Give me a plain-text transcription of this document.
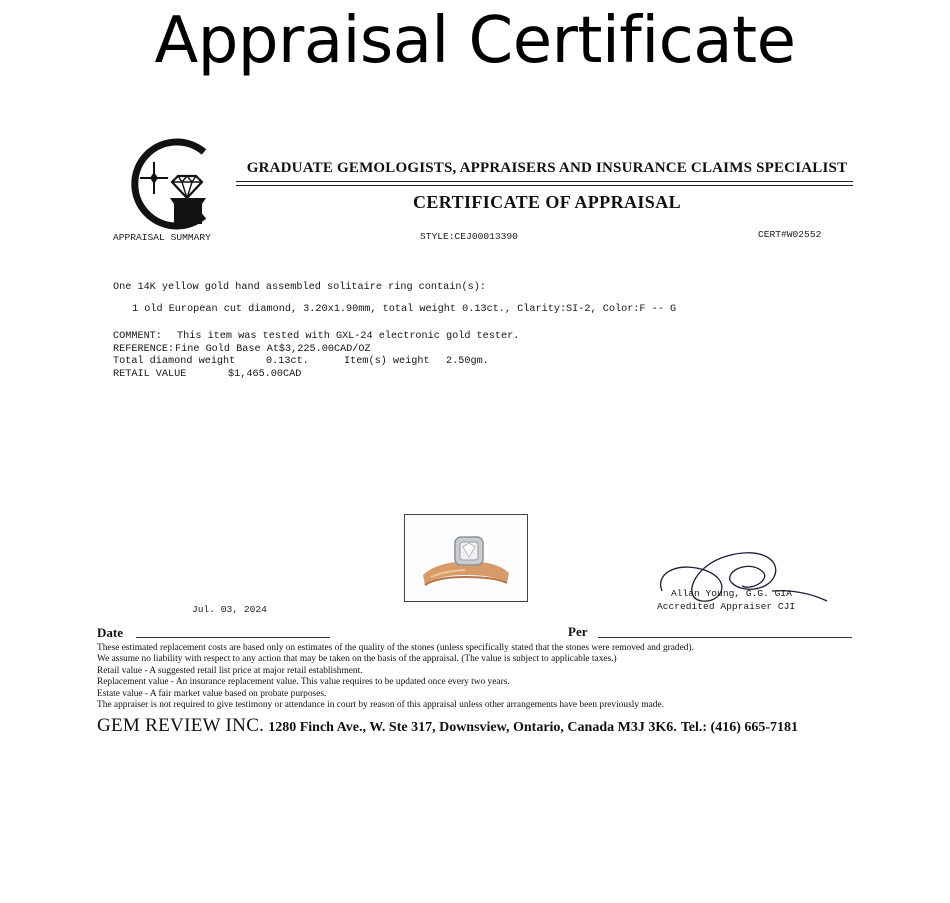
Appraisal Certificate
APPRAISAL SUMMARY
GRADUATE GEMOLOGISTS, APPRAISERS AND INSURANCE CLAIMS SPECIALIST
CERTIFICATE OF APPRAISAL
STYLE:CEJ00013390	CERT#W02552
One 14K yellow gold hand assembled solitaire ring contain(s):
1 old European cut diamond, 3.20x1.90mm, total weight 0.13ct., Clarity:SI-2, Color:F -- G
COMMENT: This item was tested with GXL-24 electronic gold tester.
REFERENCE: Fine Gold Base At$3,225.00CAD/OZ
Total diamond weight	0.13ct.	Item(s) weight 2.50gm.
RETAIL VALUE	$1,465.00CAD
Jul. 03, 2024
Allan Young, G.G. GIA
Accredited Appraiser CJI
Date	Per
These estimated replacement costs are based only on estimates of the quality of the stones (unless specifically stated that the stones were removed and graded).
We assume no liability with respect to any action that may be taken on the basis of the appraisal. (The value is subject to applicable taxes.)
Retail value - A suggested retail list price at major retail establishment.
Replacement value - An insurance replacement value. This value requires to be updated once every two years.
Estate value - A fair market value based on probate purposes.
The appraiser is not required to give testimony or attendance in court by reason of this appraisal unless other arrangements have been previously made.
GEM REVIEW INC. 1280 Finch Ave., W. Ste 317, Downsview, Ontario, Canada M3J 3K6. Tel.: (416) 665-7181
